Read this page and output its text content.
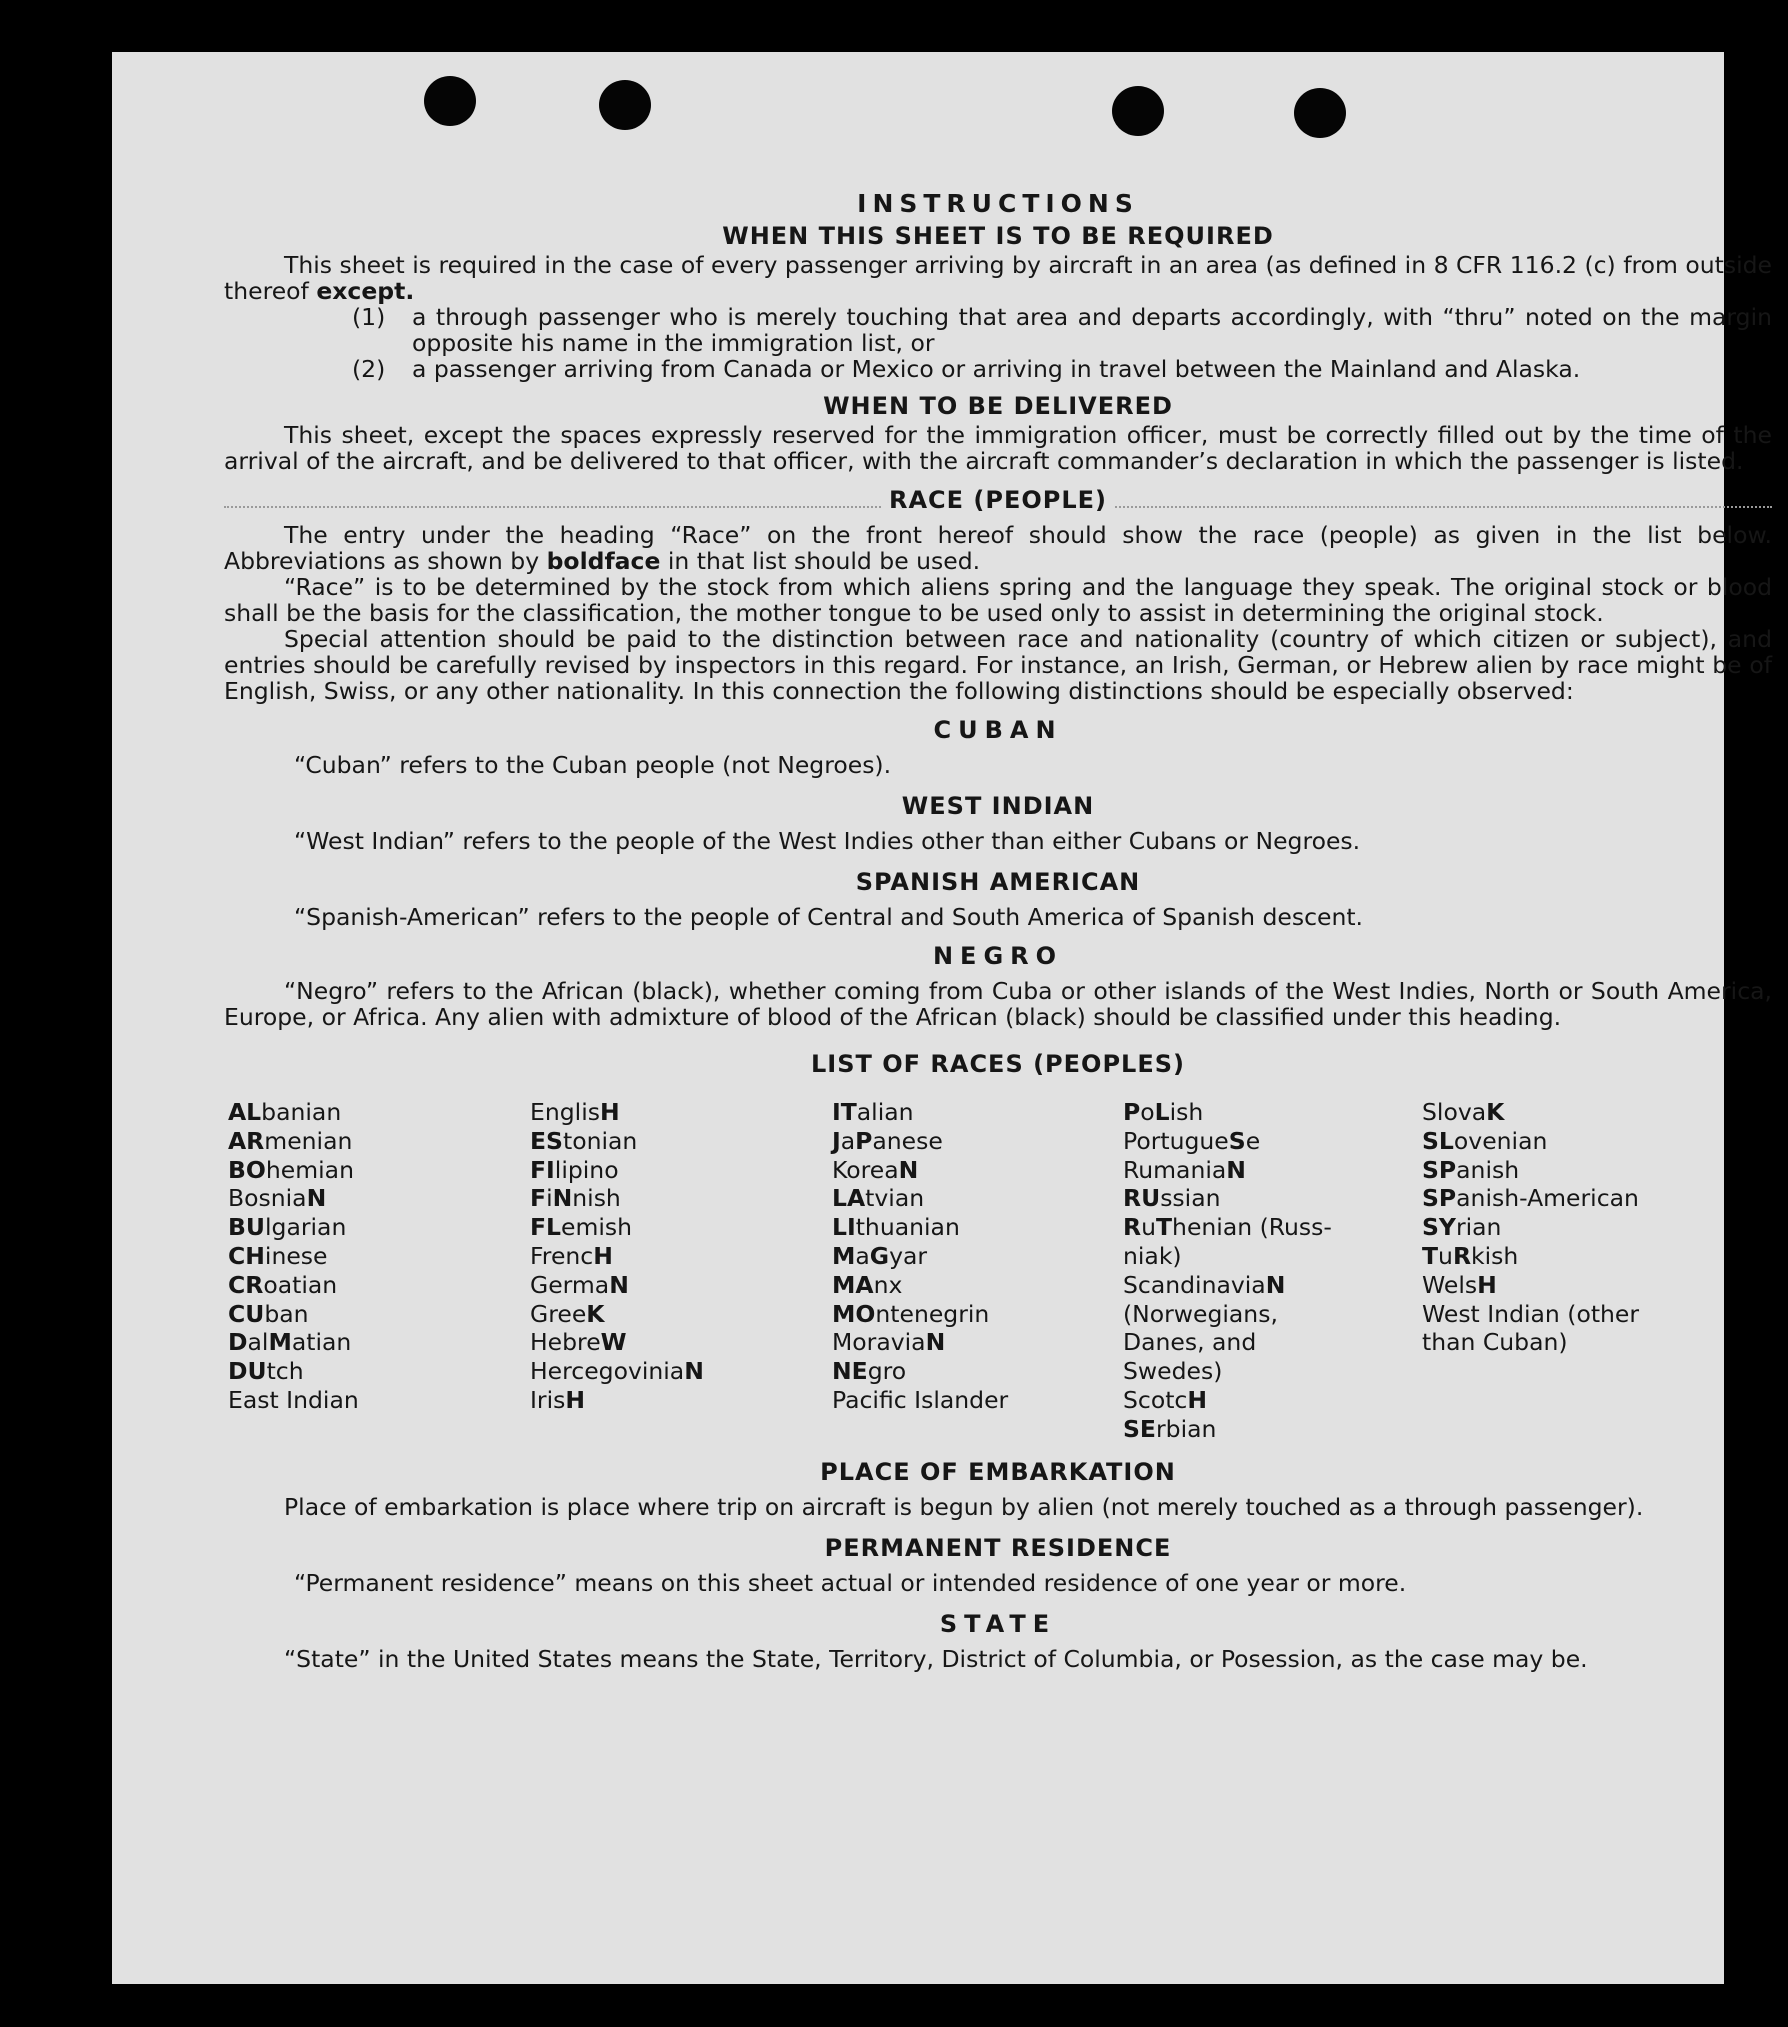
INSTRUCTIONS
WHEN THIS SHEET IS TO BE REQUIRED

This sheet is required in the case of every passenger arriving by aircraft in an area (as defined in 8 CFR 116.2 (c) from outside thereof except.

(1)	a through passenger who is merely touching that area and departs accordingly, with “thru” noted on the margin opposite his name in the immigration list, or
(2)	a passenger arriving from Canada or Mexico or arriving in travel between the Mainland and Alaska.
WHEN TO BE DELIVERED

This sheet, except the spaces expressly reserved for the immigration officer, must be correctly filled out by the time of the arrival of the aircraft, and be delivered to that officer, with the aircraft commander’s declaration in which the passenger is listed.

RACE (PEOPLE)

The entry under the heading “Race” on the front hereof should show the race (people) as given in the list below. Abbreviations as shown by boldface in that list should be used.

“Race” is to be determined by the stock from which aliens spring and the language they speak. The original stock or blood shall be the basis for the classification, the mother tongue to be used only to assist in determining the original stock.

Special attention should be paid to the distinction between race and nationality (country of which citizen or subject), and entries should be carefully revised by inspectors in this regard. For instance, an Irish, German, or Hebrew alien by race might be of English, Swiss, or any other nationality. In this connection the following distinctions should be especially observed:

CUBAN

“Cuban” refers to the Cuban people (not Negroes).

WEST INDIAN

“West Indian” refers to the people of the West Indies other than either Cubans or Negroes.

SPANISH AMERICAN

“Spanish-American” refers to the people of Central and South America of Spanish descent.

NEGRO

“Negro” refers to the African (black), whether coming from Cuba or other islands of the West Indies, North or South America, Europe, or Africa. Any alien with admixture of blood of the African (black) should be classified under this heading.

LIST OF RACES (PEOPLES)
ALbanian
ARmenian
BOhemian
BosniaN
BUlgarian
CHinese
CRoatian
CUban
DalMatian
DUtch
East Indian
EnglisH
EStonian
FIlipino
FiNnish
FLemish
FrencH
GermaN
GreeK
HebreW
HercegoviniaN
IrisH
ITalian
JaPanese
KoreaN
LAtvian
LIthuanian
MaGyar
MAnx
MOntenegrin
MoraviaN
NEgro
Pacific Islander
PoLish
PortugueSe
RumaniaN
RUssian
RuThenian (Russ-
niak)
ScandinaviaN
(Norwegians,
Danes, and
Swedes)
ScotcH
SErbian
SlovaK
SLovenian
SPanish
SPanish-American
SYrian
TuRkish
WelsH
West Indian (other
than Cuban)
PLACE OF EMBARKATION

Place of embarkation is place where trip on aircraft is begun by alien (not merely touched as a through passenger).

PERMANENT RESIDENCE

“Permanent residence” means on this sheet actual or intended residence of one year or more.

STATE

“State” in the United States means the State, Territory, District of Columbia, or Posession, as the case may be.
